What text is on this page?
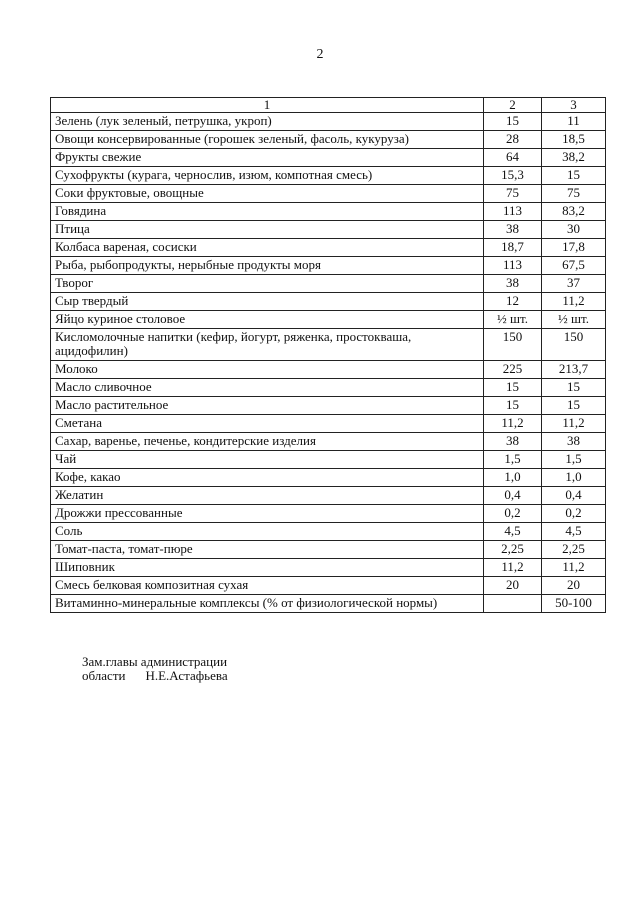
2
1	2	3
Зелень (лук зеленый, петрушка, укроп)	15	11
Овощи консервированные (горошек зеленый, фасоль, кукуруза)	28	18,5
Фрукты свежие	64	38,2
Сухофрукты (курага, чернослив, изюм, компотная смесь)	15,3	15
Соки фруктовые, овощные	75	75
Говядина	113	83,2
Птица	38	30
Колбаса вареная, сосиски	18,7	17,8
Рыба, рыбопродукты, нерыбные продукты моря	113	67,5
Творог	38	37
Сыр твердый	12	11,2
Яйцо куриное столовое	½ шт.	½ шт.
Кисломолочные напитки (кефир, йогурт, ряженка, простокваша, ацидофилин)	150	150
Молоко	225	213,7
Масло сливочное	15	15
Масло растительное	15	15
Сметана	11,2	11,2
Сахар, варенье, печенье, кондитерские изделия	38	38
Чай	1,5	1,5
Кофе, какао	1,0	1,0
Желатин	0,4	0,4
Дрожжи прессованные	0,2	0,2
Соль	4,5	4,5
Томат-паста, томат-пюре	2,25	2,25
Шиповник	11,2	11,2
Смесь белковая композитная сухая	20	20
Витаминно-минеральные комплексы (% от физиологической нормы)		50-100
Зам.главы администрации
области Н.Е.Астафьева
